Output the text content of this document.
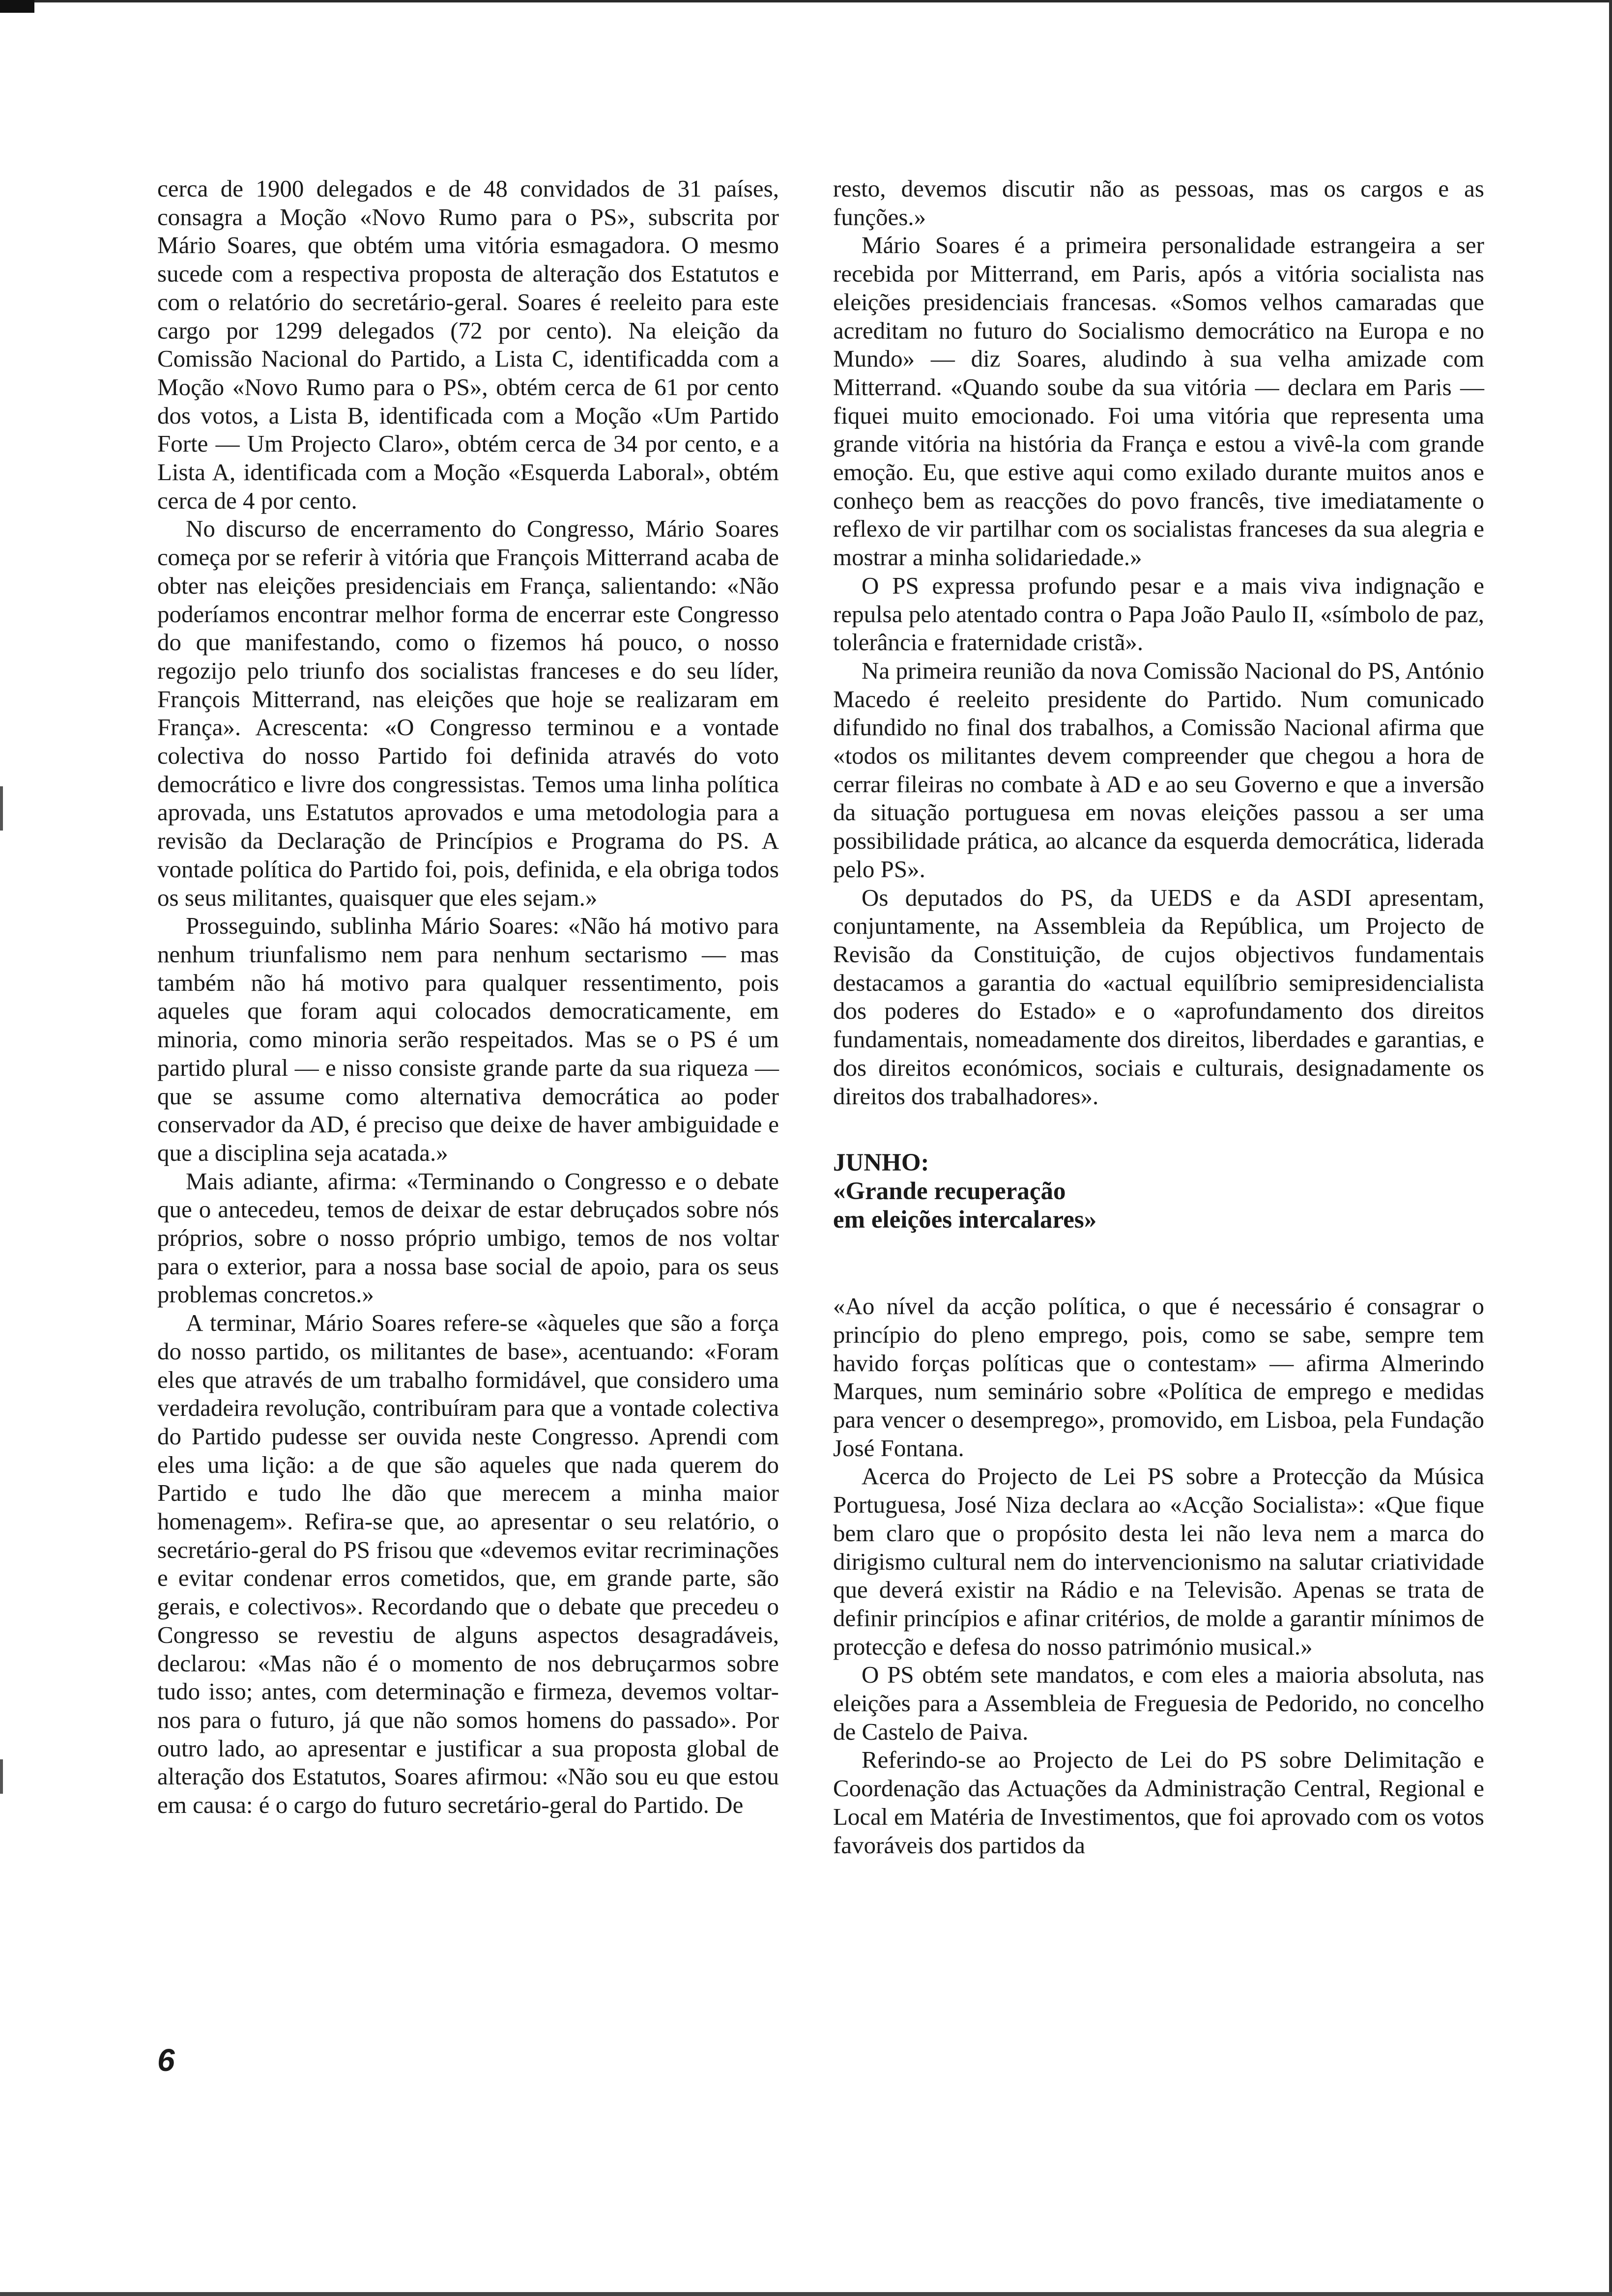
cerca de 1900 delegados e de 48 convidados de 31 países, consagra a Moção «Novo Rumo para o PS», subscrita por Mário Soares, que obtém uma vitória esmagadora. O mesmo sucede com a respectiva proposta de alteração dos Estatutos e com o relatório do secretário-geral. Soares é reeleito para este cargo por 1299 delegados (72 por cento). Na eleição da Comissão Nacional do Partido, a Lista C, identificadda com a Moção «Novo Rumo para o PS», obtém cerca de 61 por cento dos votos, a Lista B, identificada com a Moção «Um Partido Forte — Um Projecto Claro», obtém cerca de 34 por cento, e a Lista A, identificada com a Moção «Esquerda Laboral», obtém cerca de 4 por cento.

No discurso de encerramento do Congresso, Mário Soares começa por se referir à vitória que François Mitterrand acaba de obter nas eleições presidenciais em França, salientando: «Não poderíamos encontrar melhor forma de encerrar este Congresso do que manifestando, como o fizemos há pouco, o nosso regozijo pelo triunfo dos socialistas franceses e do seu líder, François Mitterrand, nas eleições que hoje se realizaram em França». Acrescenta: «O Congresso terminou e a vontade colectiva do nosso Partido foi definida através do voto democrático e livre dos congressistas. Temos uma linha política aprovada, uns Estatutos aprovados e uma metodologia para a revisão da Declaração de Princípios e Programa do PS. A vontade política do Partido foi, pois, definida, e ela obriga todos os seus militantes, quaisquer que eles sejam.»

Prosseguindo, sublinha Mário Soares: «Não há motivo para nenhum triunfalismo nem para nenhum sectarismo — mas também não há motivo para qualquer ressentimento, pois aqueles que foram aqui colocados democraticamente, em minoria, como minoria serão respeitados. Mas se o PS é um partido plural — e nisso consiste grande parte da sua riqueza — que se assume como alternativa democrática ao poder conservador da AD, é preciso que deixe de haver ambiguidade e que a disciplina seja acatada.»

Mais adiante, afirma: «Terminando o Congresso e o debate que o antecedeu, temos de deixar de estar debruçados sobre nós próprios, sobre o nosso próprio umbigo, temos de nos voltar para o exterior, para a nossa base social de apoio, para os seus problemas concretos.»

A terminar, Mário Soares refere-se «àqueles que são a força do nosso partido, os militantes de base», acentuando: «Foram eles que através de um trabalho formidável, que considero uma verdadeira revolução, contribuíram para que a vontade colectiva do Partido pudesse ser ouvida neste Congresso. Aprendi com eles uma lição: a de que são aqueles que nada querem do Partido e tudo lhe dão que merecem a minha maior homenagem». Refira-se que, ao apresentar o seu relatório, o secretário-geral do PS frisou que «devemos evitar recriminações e evitar condenar erros cometidos, que, em grande parte, são gerais, e colectivos». Recordando que o debate que precedeu o Congresso se revestiu de alguns aspectos desagradáveis, declarou: «Mas não é o momento de nos debruçarmos sobre tudo isso; antes, com determinação e firmeza, devemos voltar-nos para o futuro, já que não somos homens do passado». Por outro lado, ao apresentar e justificar a sua proposta global de alteração dos Estatutos, Soares afirmou: «Não sou eu que estou em causa: é o cargo do futuro secretário-geral do Partido. De

resto, devemos discutir não as pessoas, mas os cargos e as funções.»

Mário Soares é a primeira personalidade estrangeira a ser recebida por Mitterrand, em Paris, após a vitória socialista nas eleições presidenciais francesas. «Somos velhos camaradas que acreditam no futuro do Socialismo democrático na Europa e no Mundo» — diz Soares, aludindo à sua velha amizade com Mitterrand. «Quando soube da sua vitória — declara em Paris — fiquei muito emocionado. Foi uma vitória que representa uma grande vitória na história da França e estou a vivê-la com grande emoção. Eu, que estive aqui como exilado durante muitos anos e conheço bem as reacções do povo francês, tive imediatamente o reflexo de vir partilhar com os socialistas franceses da sua alegria e mostrar a minha solidariedade.»

O PS expressa profundo pesar e a mais viva indignação e repulsa pelo atentado contra o Papa João Paulo II, «símbolo de paz, tolerância e fraternidade cristã».

Na primeira reunião da nova Comissão Nacional do PS, António Macedo é reeleito presidente do Partido. Num comunicado difundido no final dos trabalhos, a Comissão Nacional afirma que «todos os militantes devem compreender que chegou a hora de cerrar fileiras no combate à AD e ao seu Governo e que a inversão da situação portuguesa em novas eleições passou a ser uma possibilidade prática, ao alcance da esquerda democrática, liderada pelo PS».

Os deputados do PS, da UEDS e da ASDI apresentam, conjuntamente, na Assembleia da República, um Projecto de Revisão da Constituição, de cujos objectivos fundamentais destacamos a garantia do «actual equilíbrio semipresidencialista dos poderes do Estado» e o «aprofundamento dos direitos fundamentais, nomeadamente dos direitos, liberdades e garantias, e dos direitos económicos, sociais e culturais, designadamente os direitos dos trabalhadores».

JUNHO:
«Grande recuperação
em eleições intercalares»

«Ao nível da acção política, o que é necessário é consagrar o princípio do pleno emprego, pois, como se sabe, sempre tem havido forças políticas que o contestam» — afirma Almerindo Marques, num seminário sobre «Política de emprego e medidas para vencer o desemprego», promovido, em Lisboa, pela Fundação José Fontana.

Acerca do Projecto de Lei PS sobre a Protecção da Música Portuguesa, José Niza declara ao «Acção Socialista»: «Que fique bem claro que o propósito desta lei não leva nem a marca do dirigismo cultural nem do intervencionismo na salutar criatividade que deverá existir na Rádio e na Televisão. Apenas se trata de definir princípios e afinar critérios, de molde a garantir mínimos de protecção e defesa do nosso património musical.»

O PS obtém sete mandatos, e com eles a maioria absoluta, nas eleições para a Assembleia de Freguesia de Pedorido, no concelho de Castelo de Paiva.

Referindo-se ao Projecto de Lei do PS sobre Delimitação e Coordenação das Actuações da Administração Central, Regional e Local em Matéria de Investimentos, que foi aprovado com os votos favoráveis dos partidos da

6
